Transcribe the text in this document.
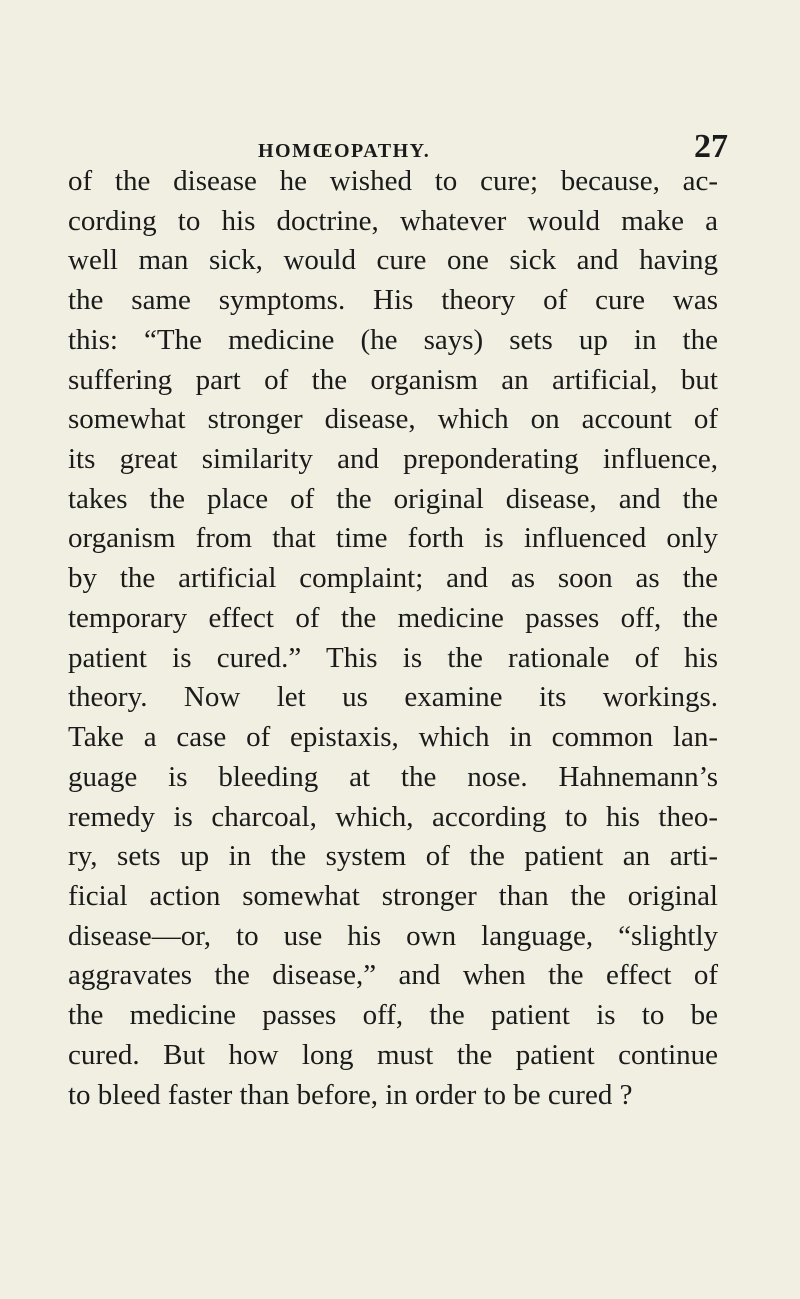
HOMŒOPATHY.	27
of the disease he wished to cure; because, ac-
cording to his doctrine, whatever would make a
well man sick, would cure one sick and having
the same symptoms. His theory of cure was
this: “The medicine (he says) sets up in the
suffering part of the organism an artificial, but
somewhat stronger disease, which on account of
its great similarity and preponderating influence,
takes the place of the original disease, and the
organism from that time forth is influenced only
by the artificial complaint; and as soon as the
temporary effect of the medicine passes off, the
patient is cured.” This is the rationale of his
theory. Now let us examine its workings.
Take a case of epistaxis, which in common lan-
guage is bleeding at the nose. Hahnemann’s
remedy is charcoal, which, according to his theo-
ry, sets up in the system of the patient an arti-
ficial action somewhat stronger than the original
disease—or, to use his own language, “slightly
aggravates the disease,” and when the effect of
the medicine passes off, the patient is to be
cured. But how long must the patient continue
to bleed faster than before, in order to be cured ?
